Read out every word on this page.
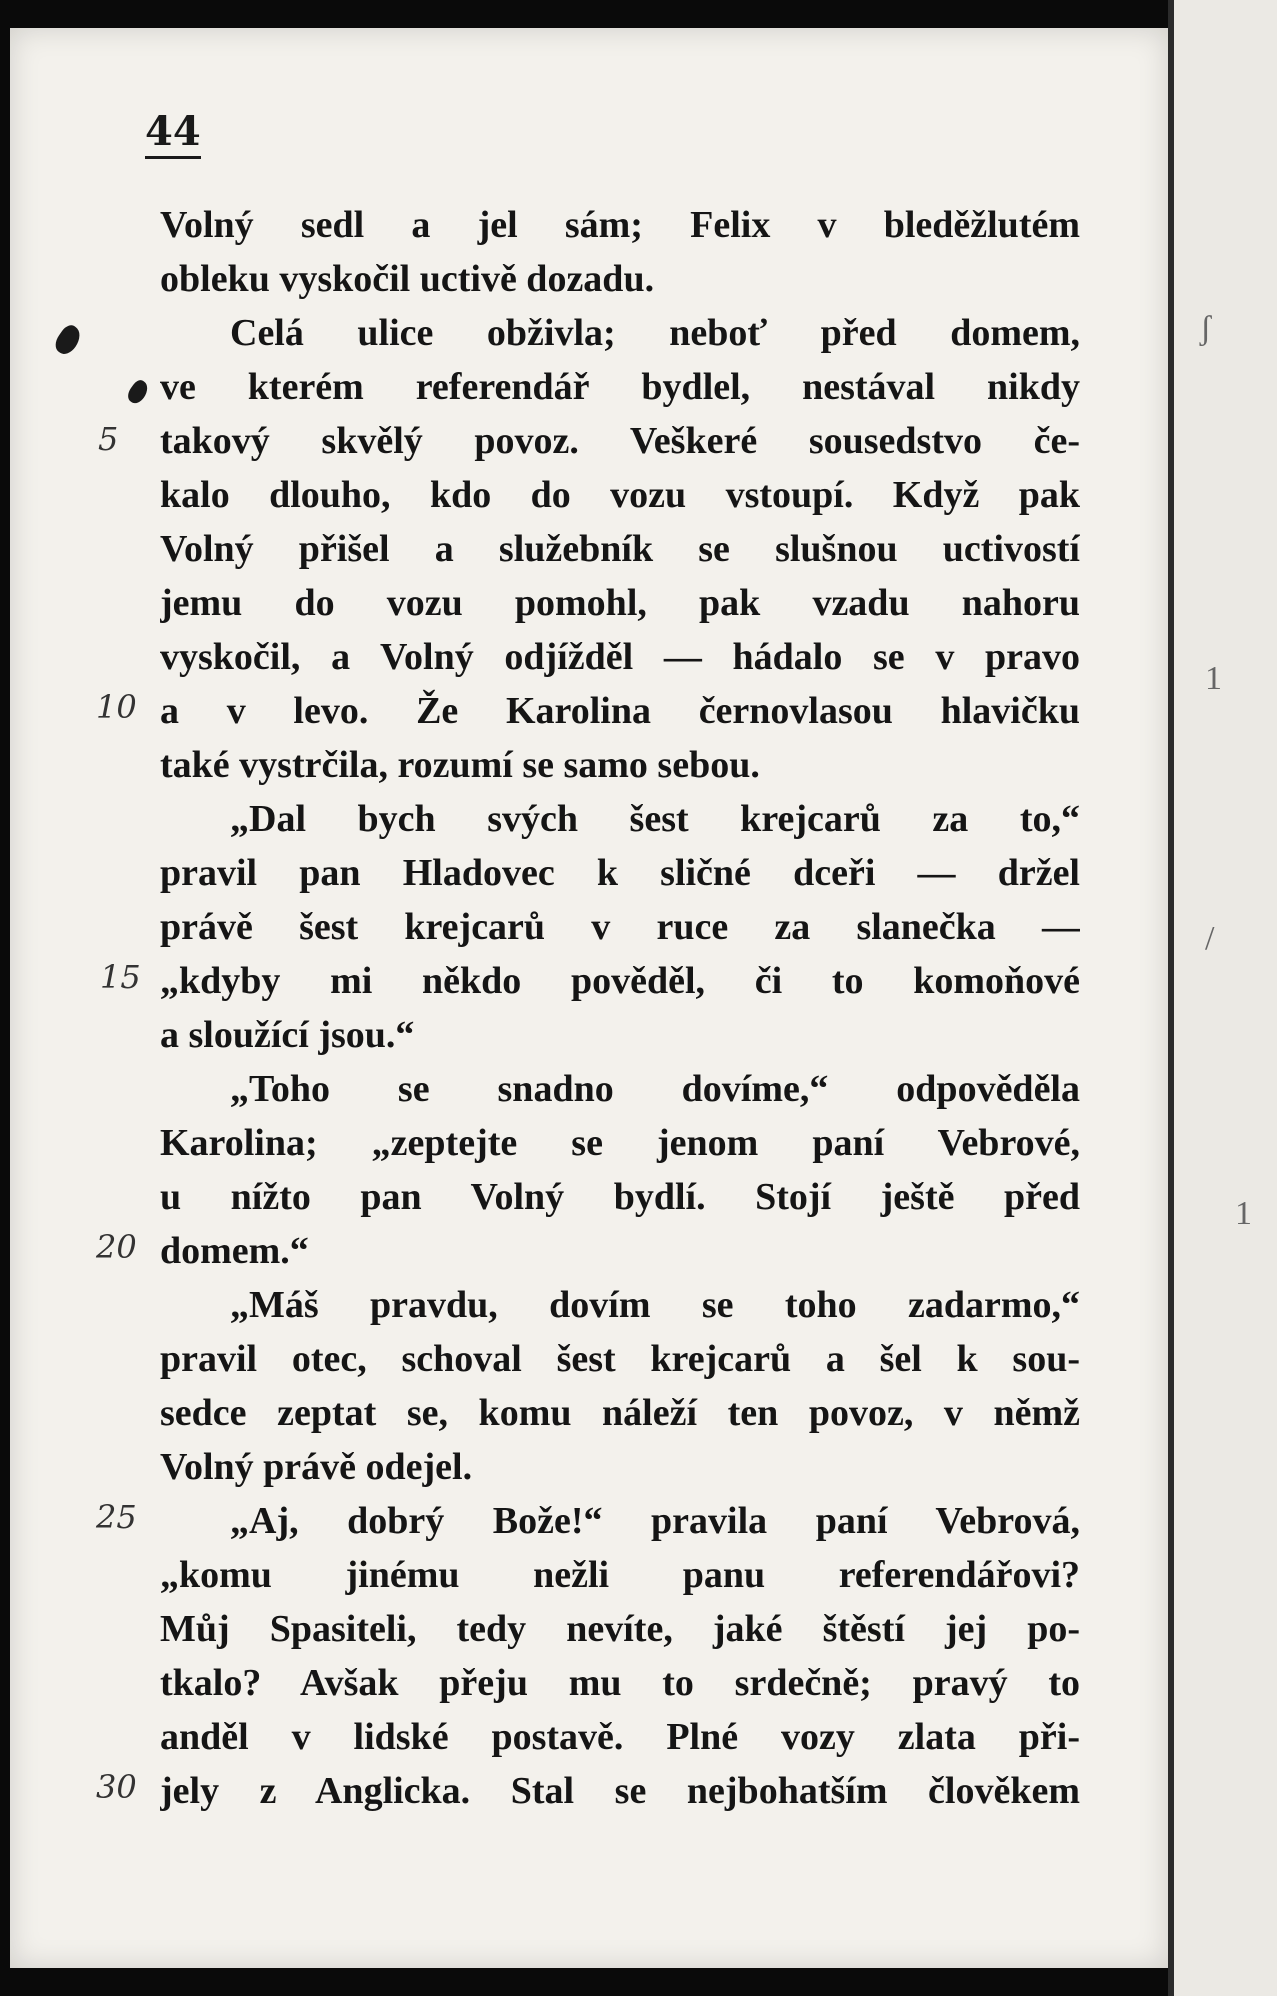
ʃ
1
/
1
44
5
10
15
20
25
30
Volný sedl a jel sám; Felix v bleděžlutém
obleku vyskočil uctivě dozadu.
Celá ulice obživla; neboť před domem,
ve kterém referendář bydlel, nestával nikdy
takový skvělý povoz. Veškeré sousedstvo če-
kalo dlouho, kdo do vozu vstoupí. Když pak
Volný přišel a služebník se slušnou uctivostí
jemu do vozu pomohl, pak vzadu nahoru
vyskočil, a Volný odjížděl — hádalo se v pravo
a v levo. Že Karolina černovlasou hlavičku
také vystrčila, rozumí se samo sebou.
„Dal bych svých šest krejcarů za to,“
pravil pan Hladovec k sličné dceři — držel
právě šest krejcarů v ruce za slanečka —
„kdyby mi někdo pověděl, či to komoňové
a sloužící jsou.“
„Toho se snadno dovíme,“ odpověděla
Karolina; „zeptejte se jenom paní Vebrové,
u nížto pan Volný bydlí. Stojí ještě před
domem.“
„Máš pravdu, dovím se toho zadarmo,“
pravil otec, schoval šest krejcarů a šel k sou-
sedce zeptat se, komu náleží ten povoz, v němž
Volný právě odejel.
„Aj, dobrý Bože!“ pravila paní Vebrová,
„komu jinému nežli panu referendářovi?
Můj Spasiteli, tedy nevíte, jaké štěstí jej po-
tkalo? Avšak přeju mu to srdečně; pravý to
anděl v lidské postavě. Plné vozy zlata při-
jely z Anglicka. Stal se nejbohatším člověkem
